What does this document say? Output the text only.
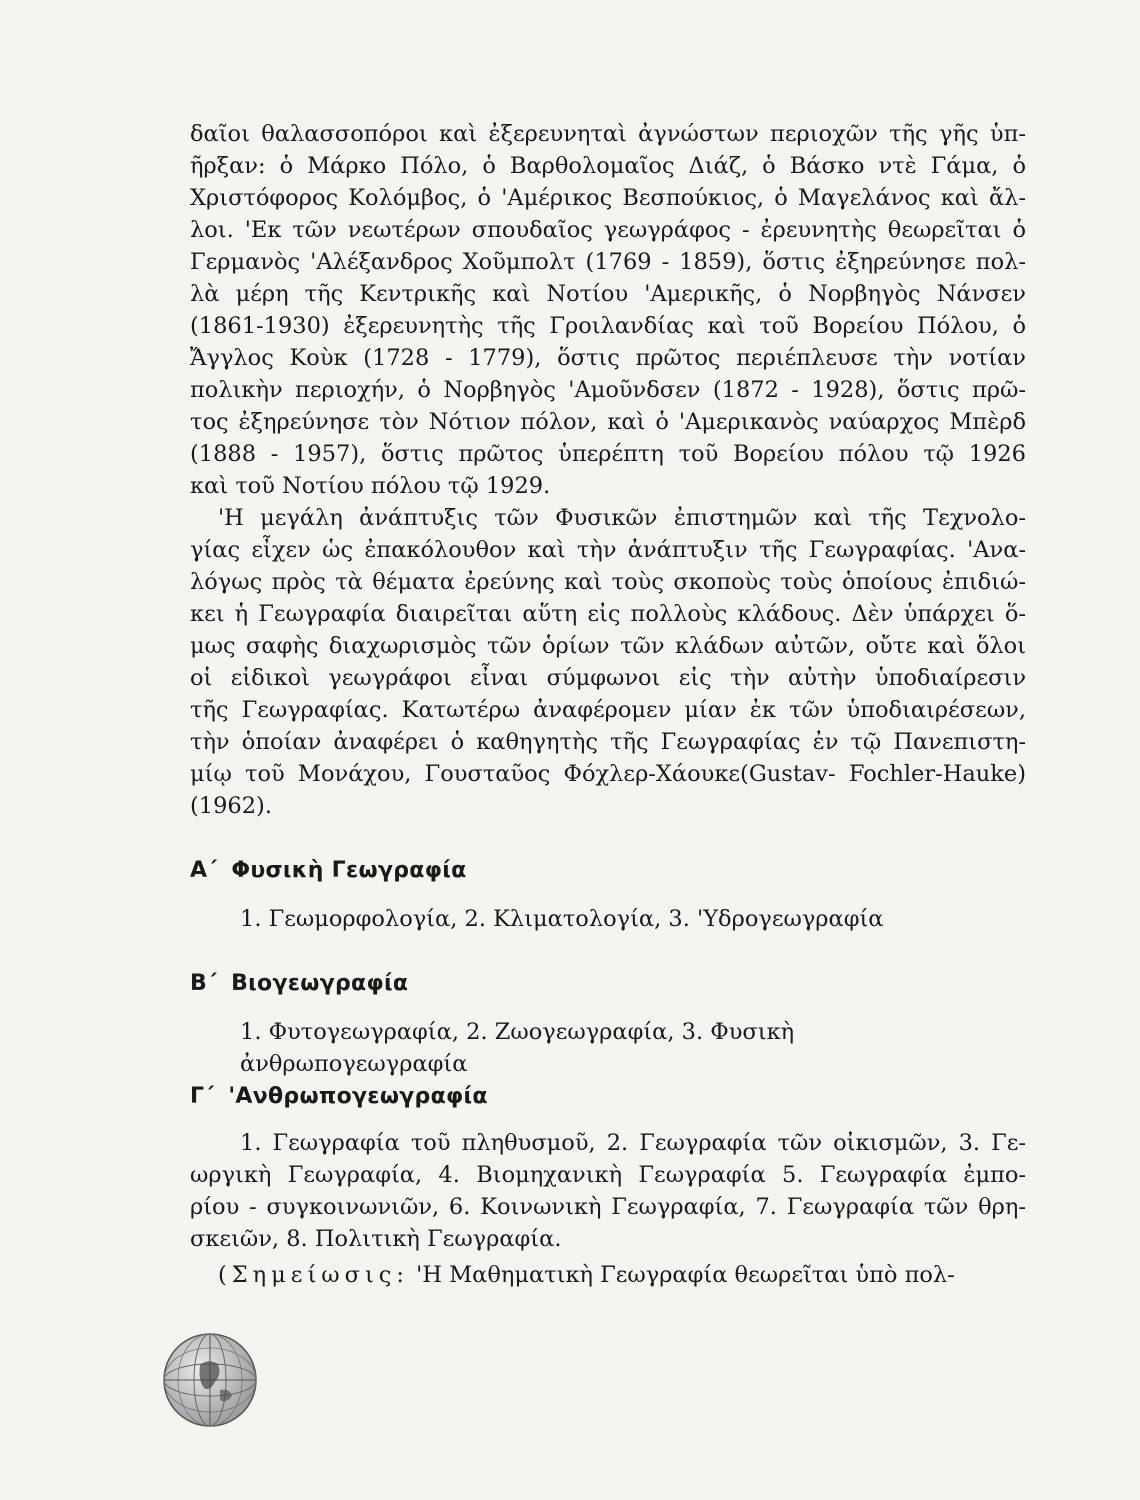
δαῖοι θαλασσοπόροι καὶ ἐξερευνηταὶ ἀγνώστων περιοχῶν τῆς γῆς ὑπ-
ῆρξαν: ὁ Μάρκο Πόλο, ὁ Βαρθολομαῖος Διάζ, ὁ Βάσκο ντὲ Γάμα, ὁ
Χριστόφορος Κολόμβος, ὁ 'Αμέρικος Βεσπούκιος, ὁ Μαγελάνος καὶ ἄλ-
λοι. 'Εκ τῶν νεωτέρων σπουδαῖος γεωγράφος - ἐρευνητὴς θεωρεῖται ὁ
Γερμανὸς 'Αλέξανδρος Χοῦμπολτ (1769 - 1859), ὅστις ἐξηρεύνησε πολ-
λὰ μέρη τῆς Κεντρικῆς καὶ Νοτίου 'Αμερικῆς, ὁ Νορβηγὸς Νάνσεν
(1861-1930) ἐξερευνητὴς τῆς Γροιλανδίας καὶ τοῦ Βορείου Πόλου, ὁ
Ἄγγλος Κοὺκ (1728 - 1779), ὅστις πρῶτος περιέπλευσε τὴν νοτίαν
πολικὴν περιοχήν, ὁ Νορβηγὸς 'Αμοῦνδσεν (1872 - 1928), ὅστις πρῶ-
τος ἐξηρεύνησε τὸν Νότιον πόλον, καὶ ὁ 'Αμερικανὸς ναύαρχος Μπὲρδ
(1888 - 1957), ὅστις πρῶτος ὑπερέπτη τοῦ Βορείου πόλου τῷ 1926
καὶ τοῦ Νοτίου πόλου τῷ 1929.
'Η μεγάλη ἀνάπτυξις τῶν Φυσικῶν ἐπιστημῶν καὶ τῆς Τεχνολο-
γίας εἶχεν ὡς ἐπακόλουθον καὶ τὴν ἀνάπτυξιν τῆς Γεωγραφίας. 'Ανα-
λόγως πρὸς τὰ θέματα ἐρεύνης καὶ τοὺς σκοποὺς τοὺς ὁποίους ἐπιδιώ-
κει ἡ Γεωγραφία διαιρεῖται αὕτη εἰς πολλοὺς κλάδους. Δὲν ὑπάρχει ὅ-
μως σαφὴς διαχωρισμὸς τῶν ὁρίων τῶν κλάδων αὐτῶν, οὔτε καὶ ὅλοι
οἱ εἰδικοὶ γεωγράφοι εἶναι σύμφωνοι εἰς τὴν αὐτὴν ὑποδιαίρεσιν
τῆς Γεωγραφίας. Κατωτέρω ἀναφέρομεν μίαν ἐκ τῶν ὑποδιαιρέσεων,
τὴν ὁποίαν ἀναφέρει ὁ καθηγητὴς τῆς Γεωγραφίας ἐν τῷ Πανεπιστη-
μίῳ τοῦ Μονάχου, Γουσταῦος Φόχλερ-Χάουκε(Gustav- Fochler-Hauke)
(1962).
Α΄ Φυσικὴ Γεωγραφία
1. Γεωμορφολογία, 2. Κλιματολογία, 3. 'Υδρογεωγραφία
Β΄ Βιογεωγραφία
1. Φυτογεωγραφία, 2. Ζωογεωγραφία, 3. Φυσικὴ ἀνθρωπογεωγραφία
Γ΄ 'Ανθρωπογεωγραφία
1. Γεωγραφία τοῦ πληθυσμοῦ, 2. Γεωγραφία τῶν οἰκισμῶν, 3. Γε-
ωργικὴ Γεωγραφία, 4. Βιομηχανικὴ Γεωγραφία 5. Γεωγραφία ἐμπο-
ρίου - συγκοινωνιῶν, 6. Κοινωνικὴ Γεωγραφία, 7. Γεωγραφία τῶν θρη-
σκειῶν, 8. Πολιτικὴ Γεωγραφία.
(Σημείωσις: 'Η Μαθηματικὴ Γεωγραφία θεωρεῖται ὑπὸ πολ-
